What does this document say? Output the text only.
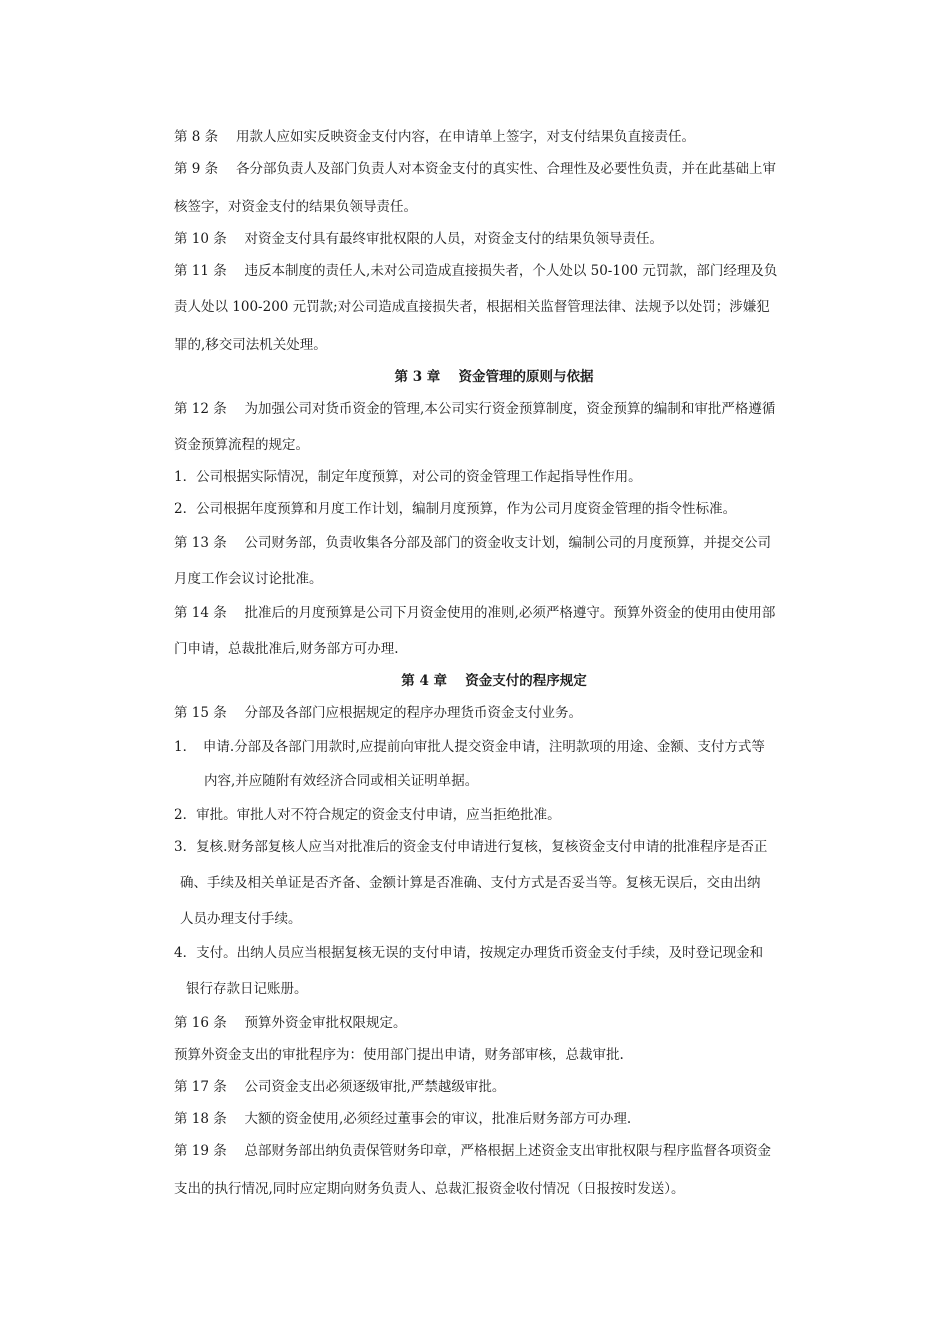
第 8 条　 用款人应如实反映资金支付内容，在申请单上签字，对支付结果负直接责任。
第 9 条　 各分部负责人及部门负责人对本资金支付的真实性、合理性及必要性负责，并在此基础上审
核签字，对资金支付的结果负领导责任。
第 10 条　 对资金支付具有最终审批权限的人员，对资金支付的结果负领导责任。
第 11 条　 违反本制度的责任人,未对公司造成直接损失者，个人处以 50-100 元罚款，部门经理及负
责人处以 100-200 元罚款;对公司造成直接损失者，根据相关监督管理法律、法规予以处罚；涉嫌犯
罪的,移交司法机关处理。
第 3 章　 资金管理的原则与依据
第 12 条　 为加强公司对货币资金的管理,本公司实行资金预算制度，资金预算的编制和审批严格遵循
资金预算流程的规定。
1．公司根据实际情况，制定年度预算，对公司的资金管理工作起指导性作用。
2．公司根据年度预算和月度工作计划，编制月度预算，作为公司月度资金管理的指令性标准。
第 13 条　 公司财务部，负责收集各分部及部门的资金收支计划，编制公司的月度预算，并提交公司
月度工作会议讨论批准。
第 14 条　 批准后的月度预算是公司下月资金使用的准则,必须严格遵守。预算外资金的使用由使用部
门申请，总裁批准后,财务部方可办理.
第 4 章　 资金支付的程序规定
第 15 条　 分部及各部门应根据规定的程序办理货币资金支付业务。
1．　申请.分部及各部门用款时,应提前向审批人提交资金申请，注明款项的用途、金额、支付方式等
内容,并应随附有效经济合同或相关证明单据。
2．审批。审批人对不符合规定的资金支付申请，应当拒绝批准。
3．复核.财务部复核人应当对批准后的资金支付申请进行复核，复核资金支付申请的批准程序是否正
确、手续及相关单证是否齐备、金额计算是否准确、支付方式是否妥当等。复核无误后，交由出纳
人员办理支付手续。
4．支付。出纳人员应当根据复核无误的支付申请，按规定办理货币资金支付手续，及时登记现金和
银行存款日记账册。
第 16 条　 预算外资金审批权限规定。
预算外资金支出的审批程序为：使用部门提出申请，财务部审核，总裁审批.
第 17 条　 公司资金支出必须逐级审批,严禁越级审批。
第 18 条　 大额的资金使用,必须经过董事会的审议，批准后财务部方可办理.
第 19 条　 总部财务部出纳负责保管财务印章，严格根据上述资金支出审批权限与程序监督各项资金
支出的执行情况,同时应定期向财务负责人、总裁汇报资金收付情况（日报按时发送）。
